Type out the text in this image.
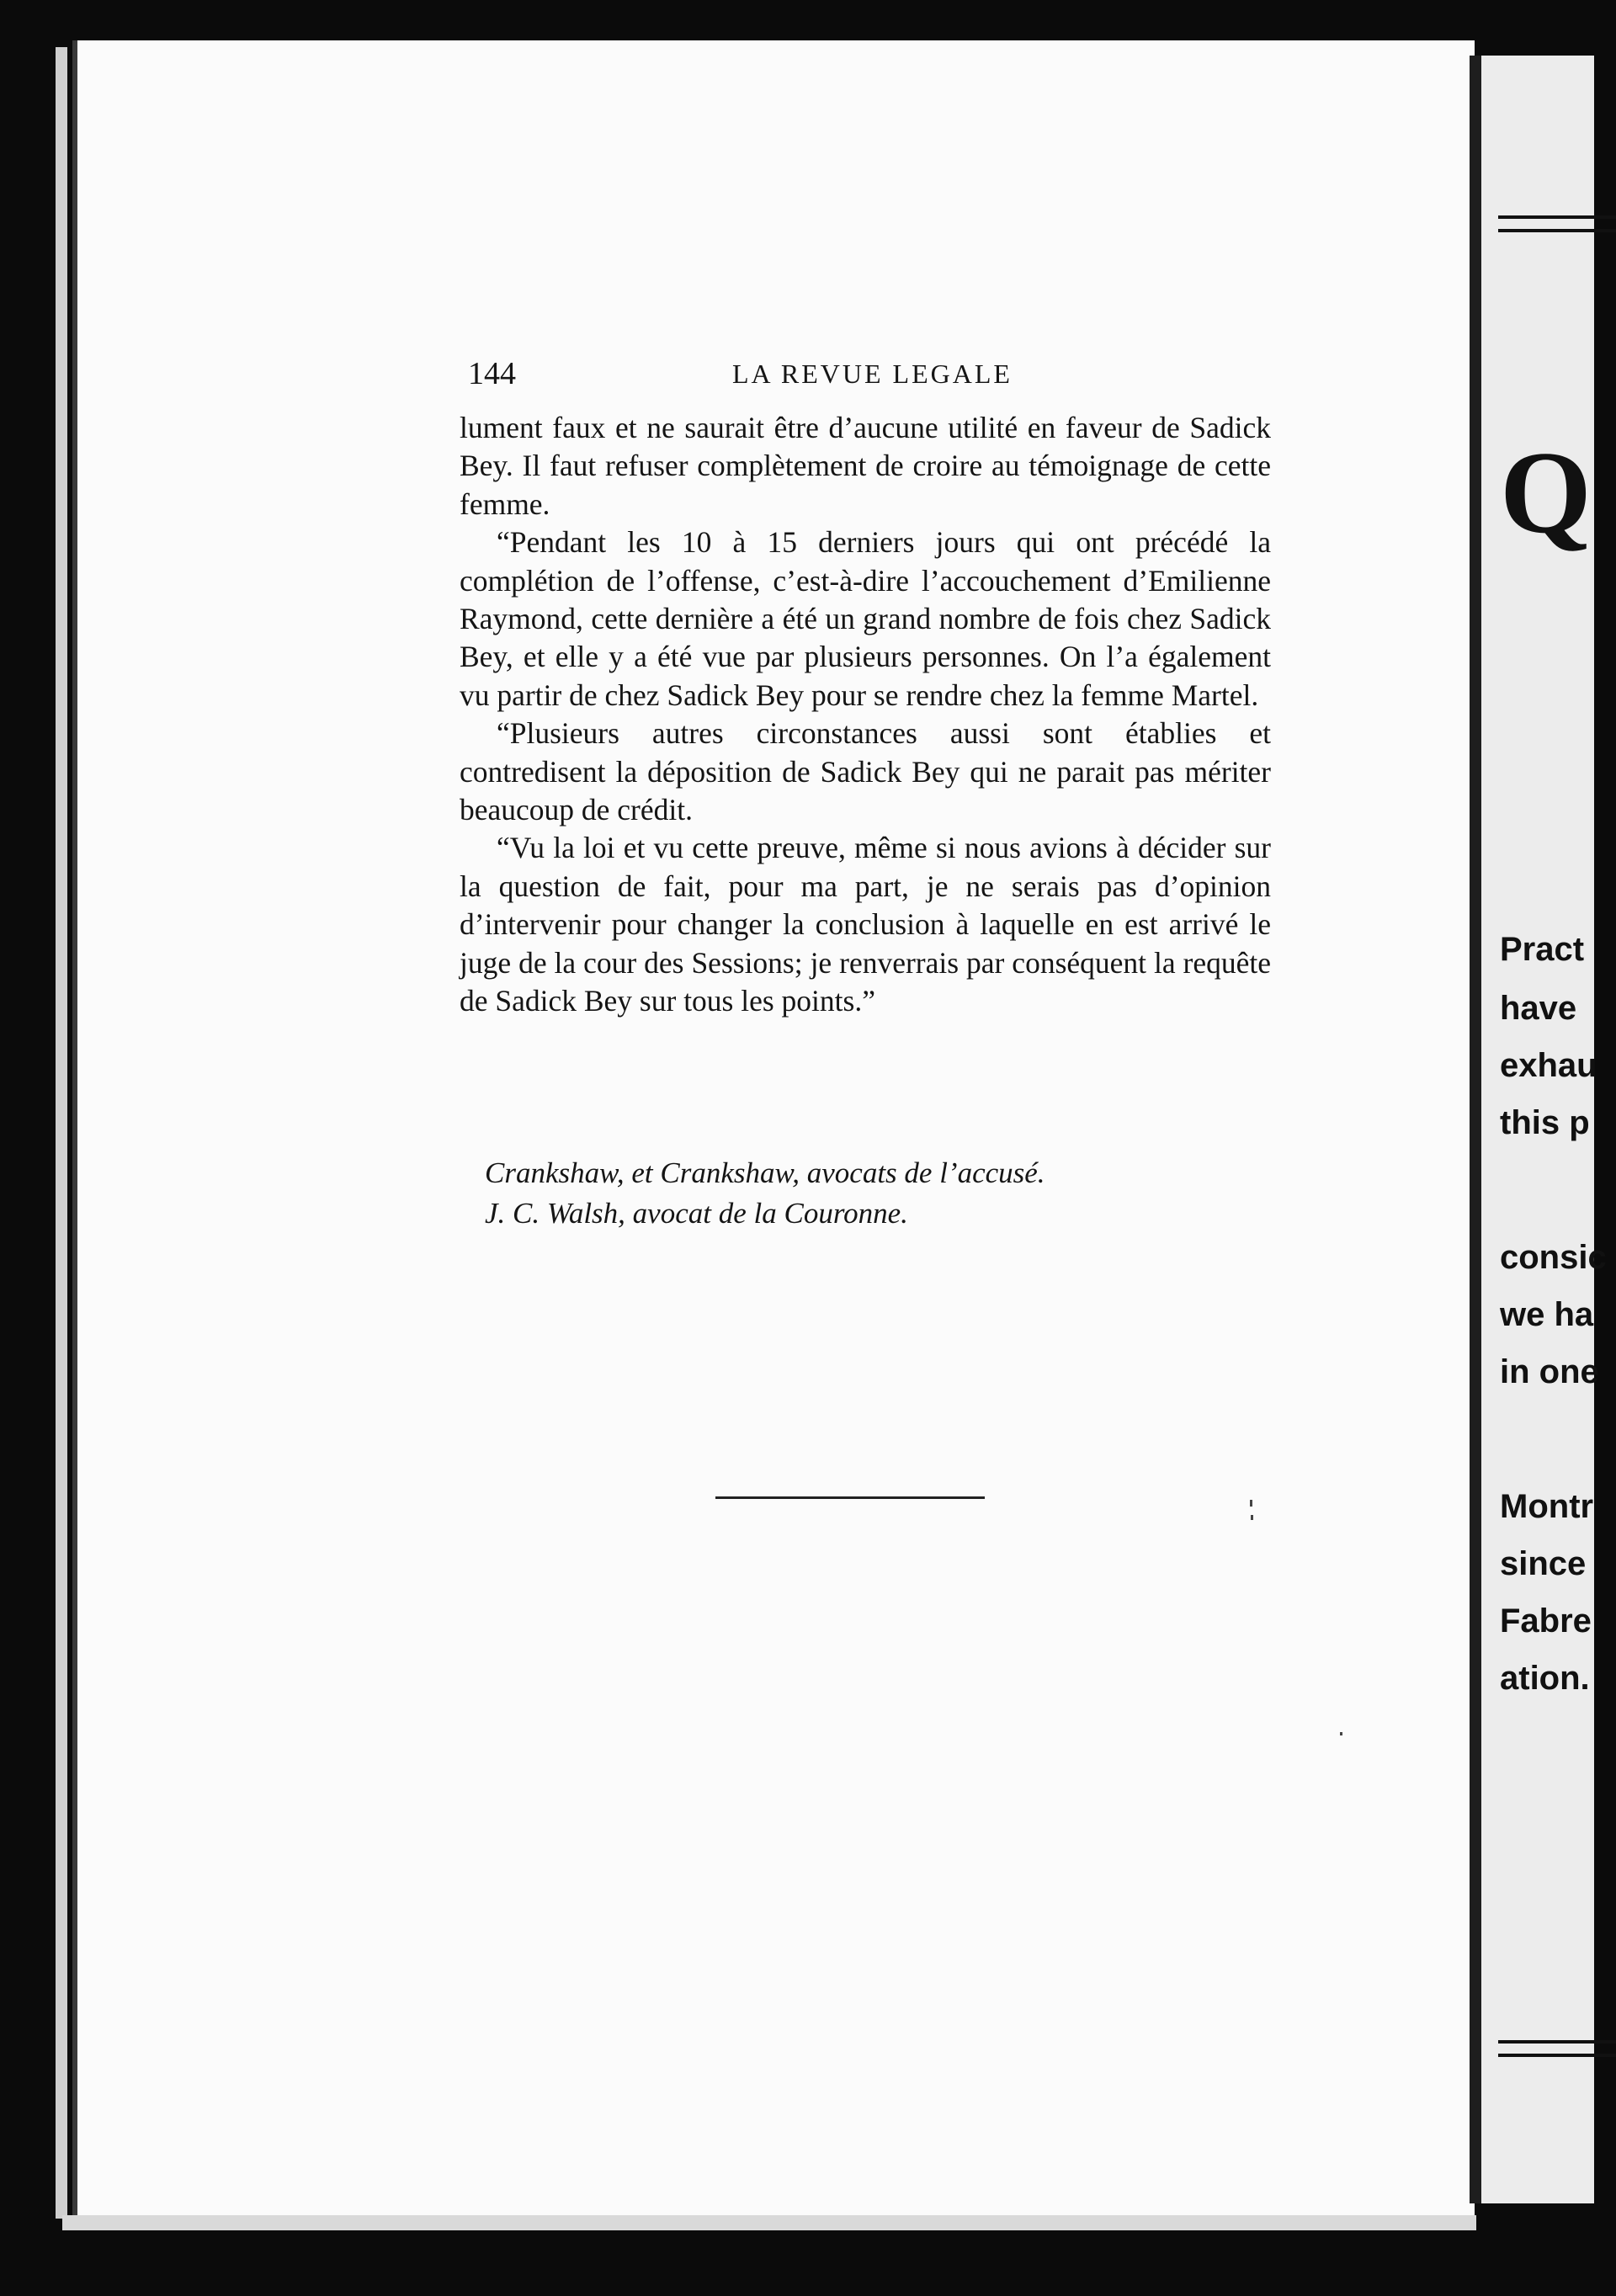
Q
Pract
have
exhau
this p
consic
we ha
in one
Montr
since
Fabre
ation.
144	LA REVUE LEGALE

lument faux et ne saurait être d’aucune utilité en faveur de Sadick Bey. Il faut refuser complètement de croire au témoignage de cette femme.

“Pendant les 10 à 15 derniers jours qui ont précédé la complétion de l’offense, c’est-à-dire l’accouchement d’Emilienne Raymond, cette dernière a été un grand nombre de fois chez Sadick Bey, et elle y a été vue par plusieurs personnes. On l’a également vu partir de chez Sadick Bey pour se rendre chez la femme Martel.

“Plusieurs autres circonstances aussi sont établies et contredisent la déposition de Sadick Bey qui ne parait pas mériter beaucoup de crédit.

“Vu la loi et vu cette preuve, même si nous avions à décider sur la question de fait, pour ma part, je ne serais pas d’opinion d’intervenir pour changer la conclusion à laquelle en est arrivé le juge de la cour des Sessions; je renverrais par conséquent la requête de Sadick Bey sur tous les points.”

Crankshaw, et Crankshaw, avocats de l’accusé.
J. C. Walsh, avocat de la Couronne.
